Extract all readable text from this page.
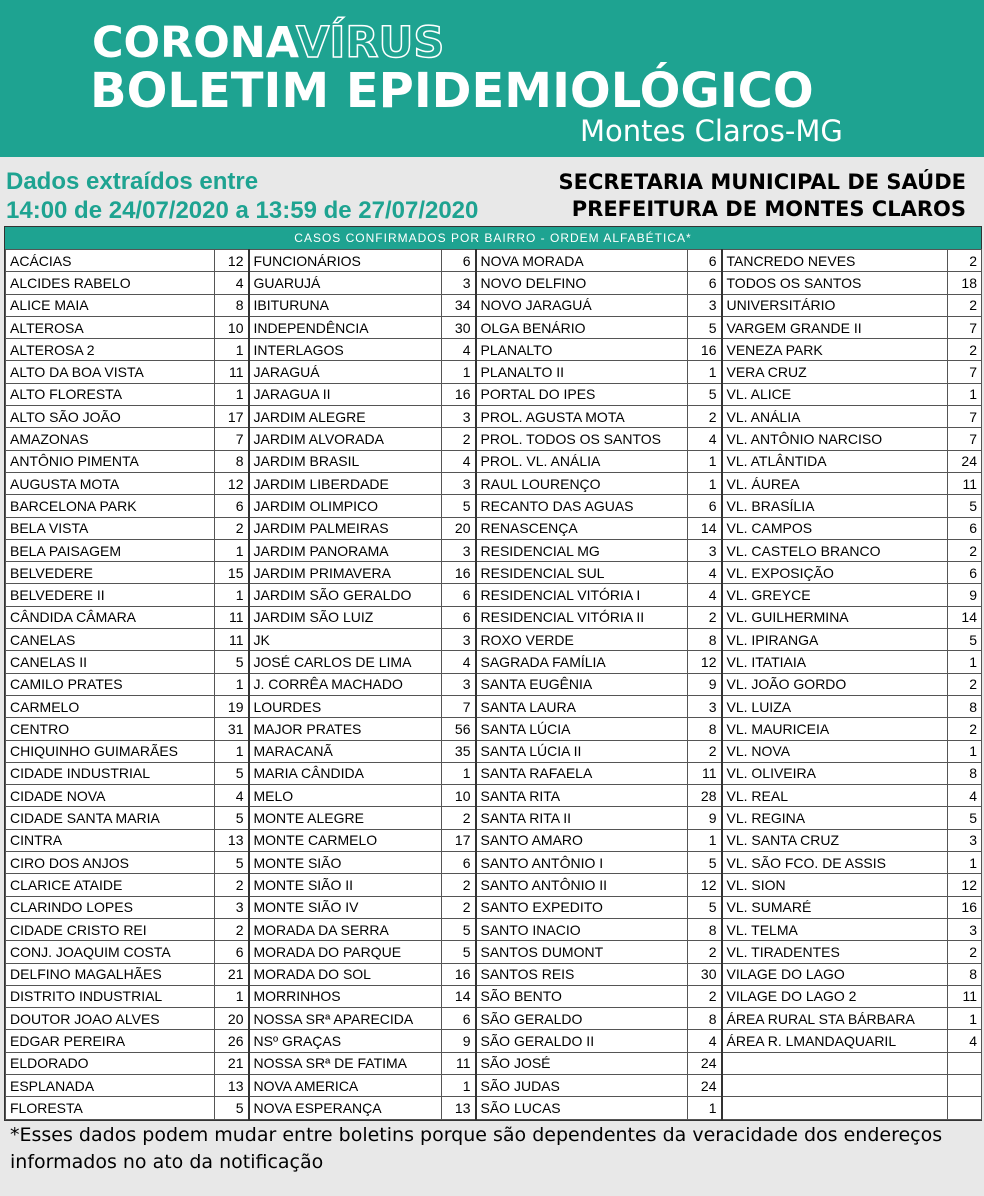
CORONAVÍRUS
BOLETIM EPIDEMIOLÓGICO
Montes Claros-MG
Dados extraídos entre
14:00 de 24/07/2020 a 13:59 de 27/07/2020
SECRETARIA MUNICIPAL DE SAÚDE
PREFEITURA DE MONTES CLAROS
CASOS CONFIRMADOS POR BAIRRO - ORDEM ALFABÉTICA*
ACÁCIAS	12	FUNCIONÁRIOS	6	NOVA MORADA	6	TANCREDO NEVES	2
ALCIDES RABELO	4	GUARUJÁ	3	NOVO DELFINO	6	TODOS OS SANTOS	18
ALICE MAIA	8	IBITURUNA	34	NOVO JARAGUÁ	3	UNIVERSITÁRIO	2
ALTEROSA	10	INDEPENDÊNCIA	30	OLGA BENÁRIO	5	VARGEM GRANDE II	7
ALTEROSA 2	1	INTERLAGOS	4	PLANALTO	16	VENEZA PARK	2
ALTO DA BOA VISTA	11	JARAGUÁ	1	PLANALTO II	1	VERA CRUZ	7
ALTO FLORESTA	1	JARAGUA II	16	PORTAL DO IPES	5	VL. ALICE	1
ALTO SÃO JOÃO	17	JARDIM ALEGRE	3	PROL. AGUSTA MOTA	2	VL. ANÁLIA	7
AMAZONAS	7	JARDIM ALVORADA	2	PROL. TODOS OS SANTOS	4	VL. ANTÔNIO NARCISO	7
ANTÔNIO PIMENTA	8	JARDIM BRASIL	4	PROL. VL. ANÁLIA	1	VL. ATLÂNTIDA	24
AUGUSTA MOTA	12	JARDIM LIBERDADE	3	RAUL LOURENÇO	1	VL. ÁUREA	11
BARCELONA PARK	6	JARDIM OLIMPICO	5	RECANTO DAS AGUAS	6	VL. BRASÍLIA	5
BELA VISTA	2	JARDIM PALMEIRAS	20	RENASCENÇA	14	VL. CAMPOS	6
BELA PAISAGEM	1	JARDIM PANORAMA	3	RESIDENCIAL MG	3	VL. CASTELO BRANCO	2
BELVEDERE	15	JARDIM PRIMAVERA	16	RESIDENCIAL SUL	4	VL. EXPOSIÇÃO	6
BELVEDERE II	1	JARDIM SÃO GERALDO	6	RESIDENCIAL VITÓRIA I	4	VL. GREYCE	9
CÂNDIDA CÂMARA	11	JARDIM SÃO LUIZ	6	RESIDENCIAL VITÓRIA II	2	VL. GUILHERMINA	14
CANELAS	11	JK	3	ROXO VERDE	8	VL. IPIRANGA	5
CANELAS II	5	JOSÉ CARLOS DE LIMA	4	SAGRADA FAMÍLIA	12	VL. ITATIAIA	1
CAMILO PRATES	1	J. CORRÊA MACHADO	3	SANTA EUGÊNIA	9	VL. JOÃO GORDO	2
CARMELO	19	LOURDES	7	SANTA LAURA	3	VL. LUIZA	8
CENTRO	31	MAJOR PRATES	56	SANTA LÚCIA	8	VL. MAURICEIA	2
CHIQUINHO GUIMARÃES	1	MARACANÃ	35	SANTA LÚCIA II	2	VL. NOVA	1
CIDADE INDUSTRIAL	5	MARIA CÂNDIDA	1	SANTA RAFAELA	11	VL. OLIVEIRA	8
CIDADE NOVA	4	MELO	10	SANTA RITA	28	VL. REAL	4
CIDADE SANTA MARIA	5	MONTE ALEGRE	2	SANTA RITA II	9	VL. REGINA	5
CINTRA	13	MONTE CARMELO	17	SANTO AMARO	1	VL. SANTA CRUZ	3
CIRO DOS ANJOS	5	MONTE SIÃO	6	SANTO ANTÔNIO I	5	VL. SÃO FCO. DE ASSIS	1
CLARICE ATAIDE	2	MONTE SIÃO II	2	SANTO ANTÔNIO II	12	VL. SION	12
CLARINDO LOPES	3	MONTE SIÃO IV	2	SANTO EXPEDITO	5	VL. SUMARÉ	16
CIDADE CRISTO REI	2	MORADA DA SERRA	5	SANTO INACIO	8	VL. TELMA	3
CONJ. JOAQUIM COSTA	6	MORADA DO PARQUE	5	SANTOS DUMONT	2	VL. TIRADENTES	2
DELFINO MAGALHÃES	21	MORADA DO SOL	16	SANTOS REIS	30	VILAGE DO LAGO	8
DISTRITO INDUSTRIAL	1	MORRINHOS	14	SÃO BENTO	2	VILAGE DO LAGO 2	11
DOUTOR JOAO ALVES	20	NOSSA SRª APARECIDA	6	SÃO GERALDO	8	ÁREA RURAL STA BÁRBARA	1
EDGAR PEREIRA	26	NSº GRAÇAS	9	SÃO GERALDO II	4	ÁREA R. LMANDAQUARIL	4
ELDORADO	21	NOSSA SRª DE FATIMA	11	SÃO JOSÉ	24		
ESPLANADA	13	NOVA AMERICA	1	SÃO JUDAS	24		
FLORESTA	5	NOVA ESPERANÇA	13	SÃO LUCAS	1		
*Esses dados podem mudar entre boletins porque são dependentes da veracidade dos endereços informados no ato da notificação
